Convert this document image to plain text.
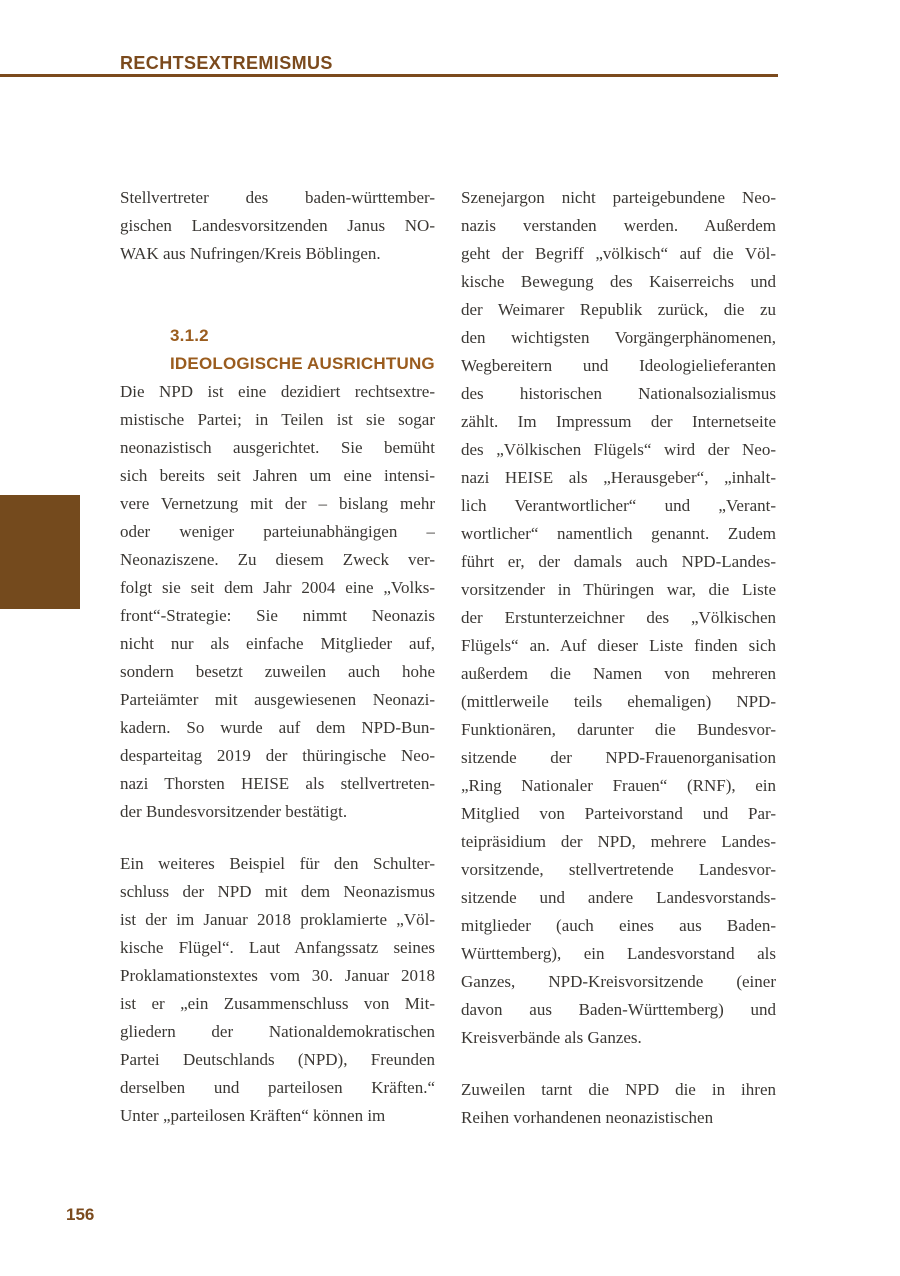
RECHTSEXTREMISMUS
Stellvertreter des baden-württember-
gischen Landesvorsitzenden Janus NO-
WAK aus Nufringen/Kreis Böblingen.
3.1.2
IDEOLOGISCHE AUSRICHTUNG
Die NPD ist eine dezidiert rechtsextre-
mistische Partei; in Teilen ist sie sogar
neonazistisch ausgerichtet. Sie bemüht
sich bereits seit Jahren um eine intensi-
vere Vernetzung mit der – bislang mehr
oder weniger parteiunabhängigen –
Neonaziszene. Zu diesem Zweck ver-
folgt sie seit dem Jahr 2004 eine „Volks-
front“-Strategie: Sie nimmt Neonazis
nicht nur als einfache Mitglieder auf,
sondern besetzt zuweilen auch hohe
Parteiämter mit ausgewiesenen Neonazi-
kadern. So wurde auf dem NPD-Bun-
desparteitag 2019 der thüringische Neo-
nazi Thorsten HEISE als stellvertreten-
der Bundesvorsitzender bestätigt.
Ein weiteres Beispiel für den Schulter-
schluss der NPD mit dem Neonazismus
ist der im Januar 2018 proklamierte „Völ-
kische Flügel“. Laut Anfangssatz seines
Proklamationstextes vom 30. Januar 2018
ist er „ein Zusammenschluss von Mit-
gliedern der Nationaldemokratischen
Partei Deutschlands (NPD), Freunden
derselben und parteilosen Kräften.“
Unter „parteilosen Kräften“ können im
Szenejargon nicht parteigebundene Neo-
nazis verstanden werden. Außerdem
geht der Begriff „völkisch“ auf die Völ-
kische Bewegung des Kaiserreichs und
der Weimarer Republik zurück, die zu
den wichtigsten Vorgängerphänomenen,
Wegbereitern und Ideologielieferanten
des historischen Nationalsozialismus
zählt. Im Impressum der Internetseite
des „Völkischen Flügels“ wird der Neo-
nazi HEISE als „Herausgeber“, „inhalt-
lich Verantwortlicher“ und „Verant-
wortlicher“ namentlich genannt. Zudem
führt er, der damals auch NPD-Landes-
vorsitzender in Thüringen war, die Liste
der Erstunterzeichner des „Völkischen
Flügels“ an. Auf dieser Liste finden sich
außerdem die Namen von mehreren
(mittlerweile teils ehemaligen) NPD-
Funktionären, darunter die Bundesvor-
sitzende der NPD-Frauenorganisation
„Ring Nationaler Frauen“ (RNF), ein
Mitglied von Parteivorstand und Par-
teipräsidium der NPD, mehrere Landes-
vorsitzende, stellvertretende Landesvor-
sitzende und andere Landesvorstands-
mitglieder (auch eines aus Baden-
Württemberg), ein Landesvorstand als
Ganzes, NPD-Kreisvorsitzende (einer
davon aus Baden-Württemberg) und
Kreisverbände als Ganzes.
Zuweilen tarnt die NPD die in ihren
Reihen vorhandenen neonazistischen
156
